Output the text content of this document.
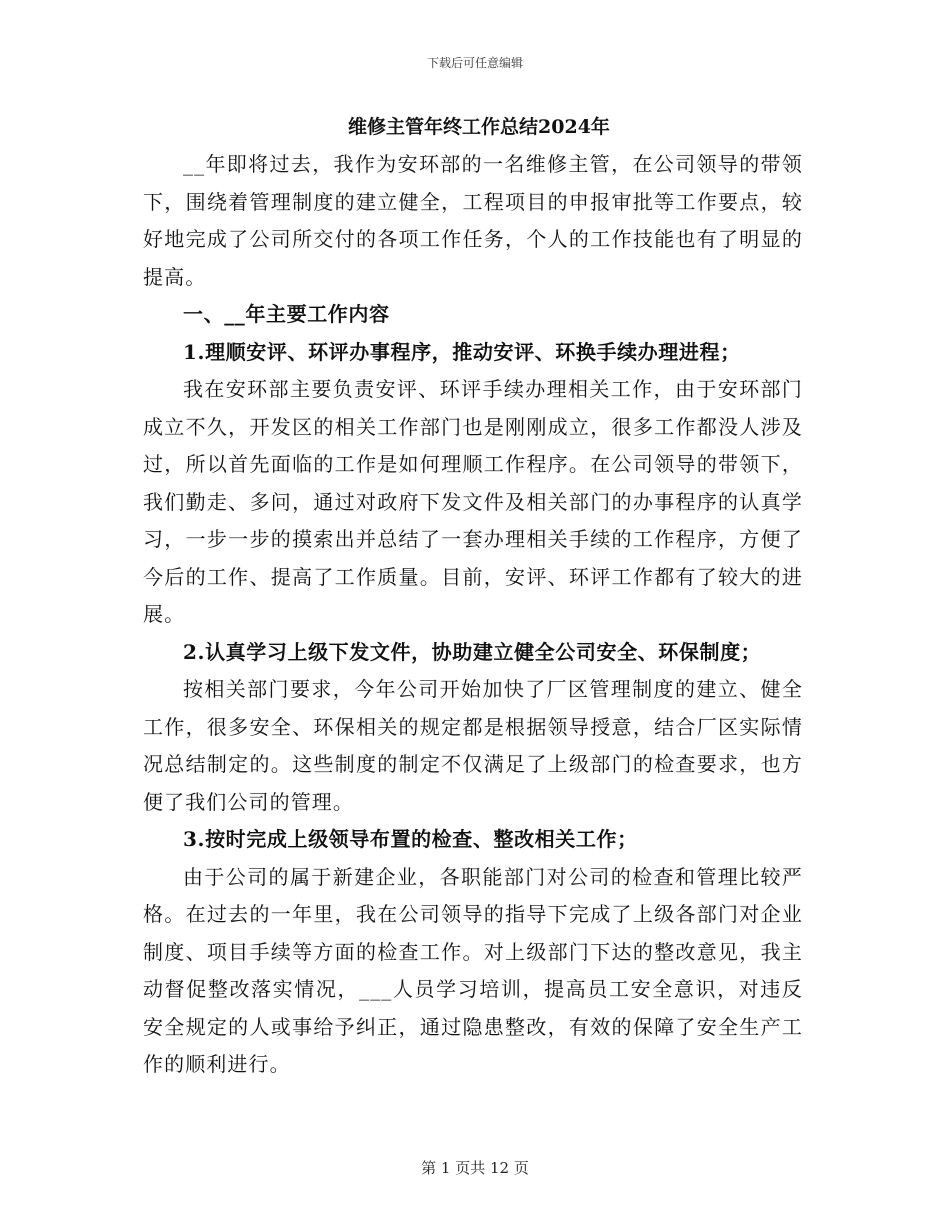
下载后可任意编辑
维修主管年终工作总结2024年

__年即将过去，我作为安环部的一名维修主管，在公司领导的带领下，围绕着管理制度的建立健全，工程项目的申报审批等工作要点，较好地完成了公司所交付的各项工作任务，个人的工作技能也有了明显的提高。

一、__年主要工作内容

1.理顺安评、环评办事程序，推动安评、环换手续办理进程；

我在安环部主要负责安评、环评手续办理相关工作，由于安环部门成立不久，开发区的相关工作部门也是刚刚成立，很多工作都没人涉及过，所以首先面临的工作是如何理顺工作程序。在公司领导的带领下，我们勤走、多问，通过对政府下发文件及相关部门的办事程序的认真学习，一步一步的摸索出并总结了一套办理相关手续的工作程序，方便了今后的工作、提高了工作质量。目前，安评、环评工作都有了较大的进展。

2.认真学习上级下发文件，协助建立健全公司安全、环保制度；

按相关部门要求，今年公司开始加快了厂区管理制度的建立、健全工作，很多安全、环保相关的规定都是根据领导授意，结合厂区实际情况总结制定的。这些制度的制定不仅满足了上级部门的检查要求，也方便了我们公司的管理。

3.按时完成上级领导布置的检查、整改相关工作；

由于公司的属于新建企业，各职能部门对公司的检查和管理比较严格。在过去的一年里，我在公司领导的指导下完成了上级各部门对企业制度、项目手续等方面的检查工作。对上级部门下达的整改意见，我主动督促整改落实情况，___人员学习培训，提高员工安全意识，对违反安全规定的人或事给予纠正，通过隐患整改，有效的保障了安全生产工作的顺利进行。

第 1 页共 12 页
